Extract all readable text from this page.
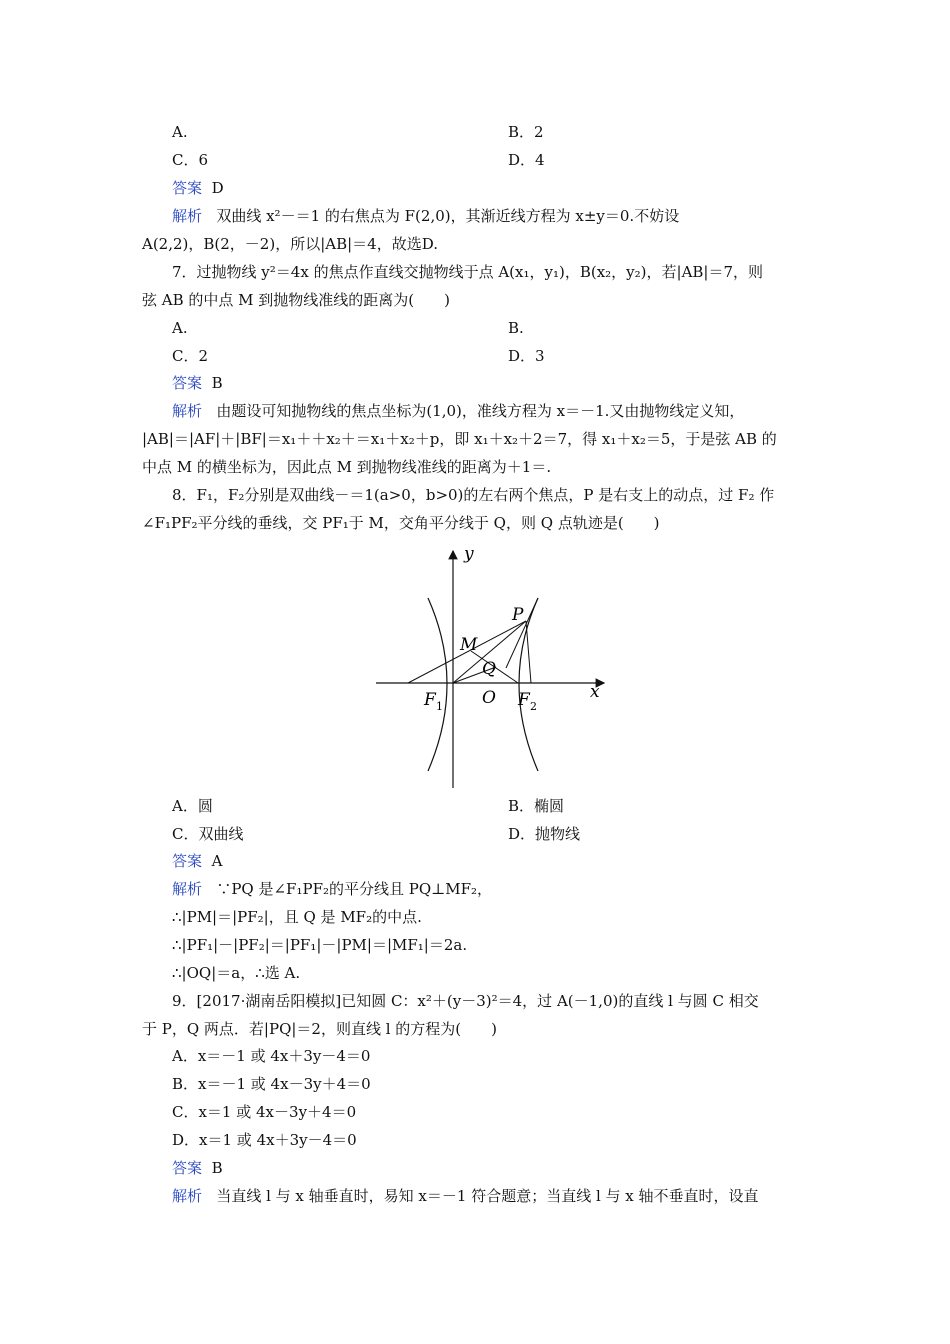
A.	B．2
C．6	D．4
答案 D
解析 双曲线 x²－＝1 的右焦点为 F(2,0)，其渐近线方程为 x±y＝0.不妨设
A(2,2)，B(2，－2)，所以|AB|＝4，故选D.
7．过抛物线 y²＝4x 的焦点作直线交抛物线于点 A(x₁，y₁)，B(x₂，y₂)，若|AB|＝7，则
弦 AB 的中点 M 到抛物线准线的距离为(　　)
A.	B.
C．2	D．3
答案 B
解析 由题设可知抛物线的焦点坐标为(1,0)，准线方程为 x＝－1.又由抛物线定义知，
|AB|＝|AF|＋|BF|＝x₁＋＋x₂＋＝x₁＋x₂＋p，即 x₁＋x₂＋2＝7，得 x₁＋x₂＝5，于是弦 AB 的
中点 M 的横坐标为，因此点 M 到抛物线准线的距离为＋1＝.
8．F₁，F₂分别是双曲线－＝1(a>0，b>0)的左右两个焦点，P 是右支上的动点，过 F₂ 作
∠F₁PF₂平分线的垂线，交 PF₁于 M，交角平分线于 Q，则 Q 点轨迹是(　　)
y
x
P
M
Q
O
F 1	F 2
A．圆	B．椭圆
C．双曲线	D．抛物线
答案 A
解析 ∵PQ 是∠F₁PF₂的平分线且 PQ⊥MF₂，
∴|PM|＝|PF₂|，且 Q 是 MF₂的中点.
∴|PF₁|－|PF₂|＝|PF₁|－|PM|＝|MF₁|＝2a.
∴|OQ|＝a，∴选 A.
9．[2017·湖南岳阳模拟]已知圆 C：x²＋(y－3)²＝4，过 A(－1,0)的直线 l 与圆 C 相交
于 P，Q 两点．若|PQ|＝2，则直线 l 的方程为(　　)
A．x＝－1 或 4x＋3y－4＝0
B．x＝－1 或 4x－3y＋4＝0
C．x＝1 或 4x－3y＋4＝0
D．x＝1 或 4x＋3y－4＝0
答案 B
解析 当直线 l 与 x 轴垂直时，易知 x＝－1 符合题意；当直线 l 与 x 轴不垂直时，设直
